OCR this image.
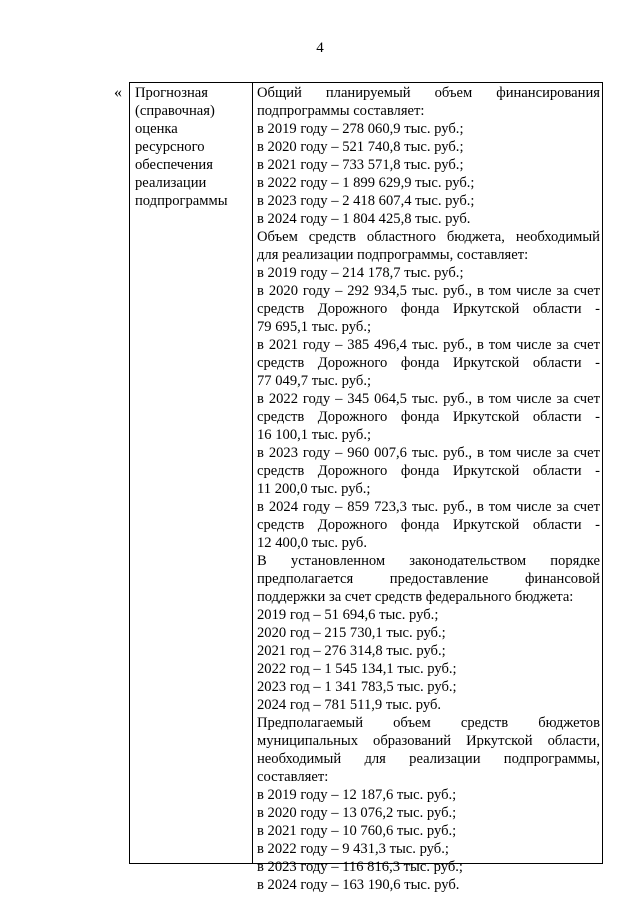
4
« Прогнозная
(справочная)
оценка
ресурсного
обеспечения
реализации
подпрограммы
Общий планируемый объем финансирования
подпрограммы составляет:
в 2019 году – 278 060,9 тыс. руб.;
в 2020 году – 521 740,8 тыс. руб.;
в 2021 году – 733 571,8 тыс. руб.;
в 2022 году – 1 899 629,9 тыс. руб.;
в 2023 году – 2 418 607,4 тыс. руб.;
в 2024 году – 1 804 425,8 тыс. руб.
Объем средств областного бюджета, необходимый
для реализации подпрограммы, составляет:
в 2019 году – 214 178,7 тыс. руб.;
в 2020 году – 292 934,5 тыс. руб., в том числе за счет
средств Дорожного фонда Иркутской области -
79 695,1 тыс. руб.;
в 2021 году – 385 496,4 тыс. руб., в том числе за счет
средств Дорожного фонда Иркутской области -
77 049,7 тыс. руб.;
в 2022 году – 345 064,5 тыс. руб., в том числе за счет
средств Дорожного фонда Иркутской области -
16 100,1 тыс. руб.;
в 2023 году – 960 007,6 тыс. руб., в том числе за счет
средств Дорожного фонда Иркутской области -
11 200,0 тыс. руб.;
в 2024 году – 859 723,3 тыс. руб., в том числе за счет
средств Дорожного фонда Иркутской области -
12 400,0 тыс. руб.
В установленном законодательством порядке
предполагается предоставление финансовой
поддержки за счет средств федерального бюджета:
2019 год – 51 694,6 тыс. руб.;
2020 год – 215 730,1 тыс. руб.;
2021 год – 276 314,8 тыс. руб.;
2022 год – 1 545 134,1 тыс. руб.;
2023 год – 1 341 783,5 тыс. руб.;
2024 год – 781 511,9 тыс. руб.
Предполагаемый объем средств бюджетов
муниципальных образований Иркутской области,
необходимый для реализации подпрограммы,
составляет:
в 2019 году – 12 187,6 тыс. руб.;
в 2020 году – 13 076,2 тыс. руб.;
в 2021 году – 10 760,6 тыс. руб.;
в 2022 году – 9 431,3 тыс. руб.;
в 2023 году – 116 816,3 тыс. руб.;
в 2024 году – 163 190,6 тыс. руб.
